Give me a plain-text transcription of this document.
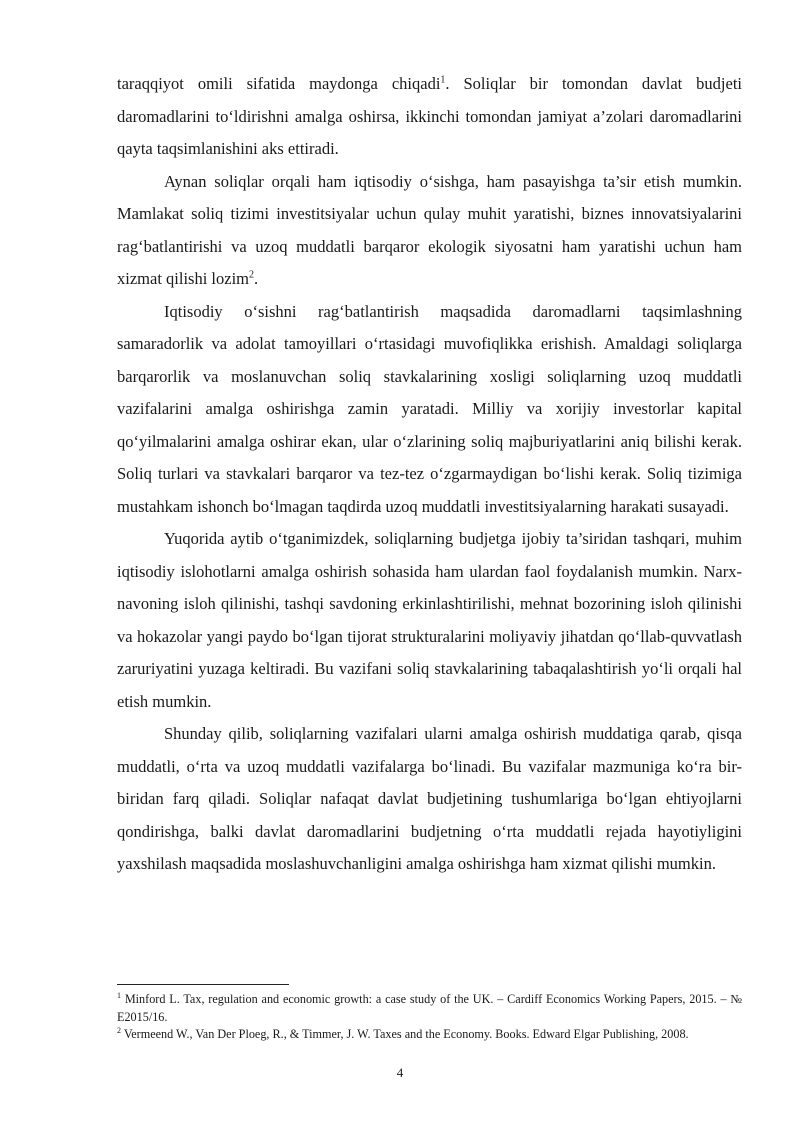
taraqqiyot omili sifatida maydonga chiqadi$^1$. Soliqlar bir tomondan davlat budjeti daromadlarini to‘ldirishni amalga oshirsa, ikkinchi tomondan jamiyat a’zolari daromadlarini qayta taqsimlanishini aks ettiradi.

Aynan soliqlar orqali ham iqtisodiy o‘sishga, ham pasayishga ta’sir etish mumkin. Mamlakat soliq tizimi investitsiyalar uchun qulay muhit yaratishi, biznes innovatsiyalarini rag‘batlantirishi va uzoq muddatli barqaror ekologik siyosatni ham yaratishi uchun ham xizmat qilishi lozim$^2$.

Iqtisodiy o‘sishni rag‘batlantirish maqsadida daromadlarni taqsimlashning samaradorlik va adolat tamoyillari o‘rtasidagi muvofiqlikka erishish. Amaldagi soliqlarga barqarorlik va moslanuvchan soliq stavkalarining xosligi soliqlarning uzoq muddatli vazifalarini amalga oshirishga zamin yaratadi. Milliy va xorijiy investorlar kapital qo‘yilmalarini amalga oshirar ekan, ular o‘zlarining soliq majburiyatlarini aniq bilishi kerak. Soliq turlari va stavkalari barqaror va tez-tez o‘zgarmaydigan bo‘lishi kerak. Soliq tizimiga mustahkam ishonch bo‘lmagan taqdirda uzoq muddatli investitsiyalarning harakati susayadi.

Yuqorida aytib o‘tganimizdek, soliqlarning budjetga ijobiy ta’siridan tashqari, muhim iqtisodiy islohotlarni amalga oshirish sohasida ham ulardan faol foydalanish mumkin. Narx-navoning isloh qilinishi, tashqi savdoning erkinlashtirilishi, mehnat bozorining isloh qilinishi va hokazolar yangi paydo bo‘lgan tijorat strukturalarini moliyaviy jihatdan qo‘llab-quvvatlash zaruriyatini yuzaga keltiradi. Bu vazifani soliq stavkalarining tabaqalashtirish yo‘li orqali hal etish mumkin.

Shunday qilib, soliqlarning vazifalari ularni amalga oshirish muddatiga qarab, qisqa muddatli, o‘rta va uzoq muddatli vazifalarga bo‘linadi. Bu vazifalar mazmuniga ko‘ra bir-biridan farq qiladi. Soliqlar nafaqat davlat budjetining tushumlariga bo‘lgan ehtiyojlarni qondirishga, balki davlat daromadlarini budjetning o‘rta muddatli rejada hayotiyligini yaxshilash maqsadida moslashuvchanligini amalga oshirishga ham xizmat qilishi mumkin.

$^1$ Minford L. Tax, regulation and economic growth: a case study of the UK. – Cardiff Economics Working Papers, 2015. – № E2015/16.

$^2$ Vermeend W., Van Der Ploeg, R., & Timmer, J. W. Taxes and the Economy. Books. Edward Elgar Publishing, 2008.

4
